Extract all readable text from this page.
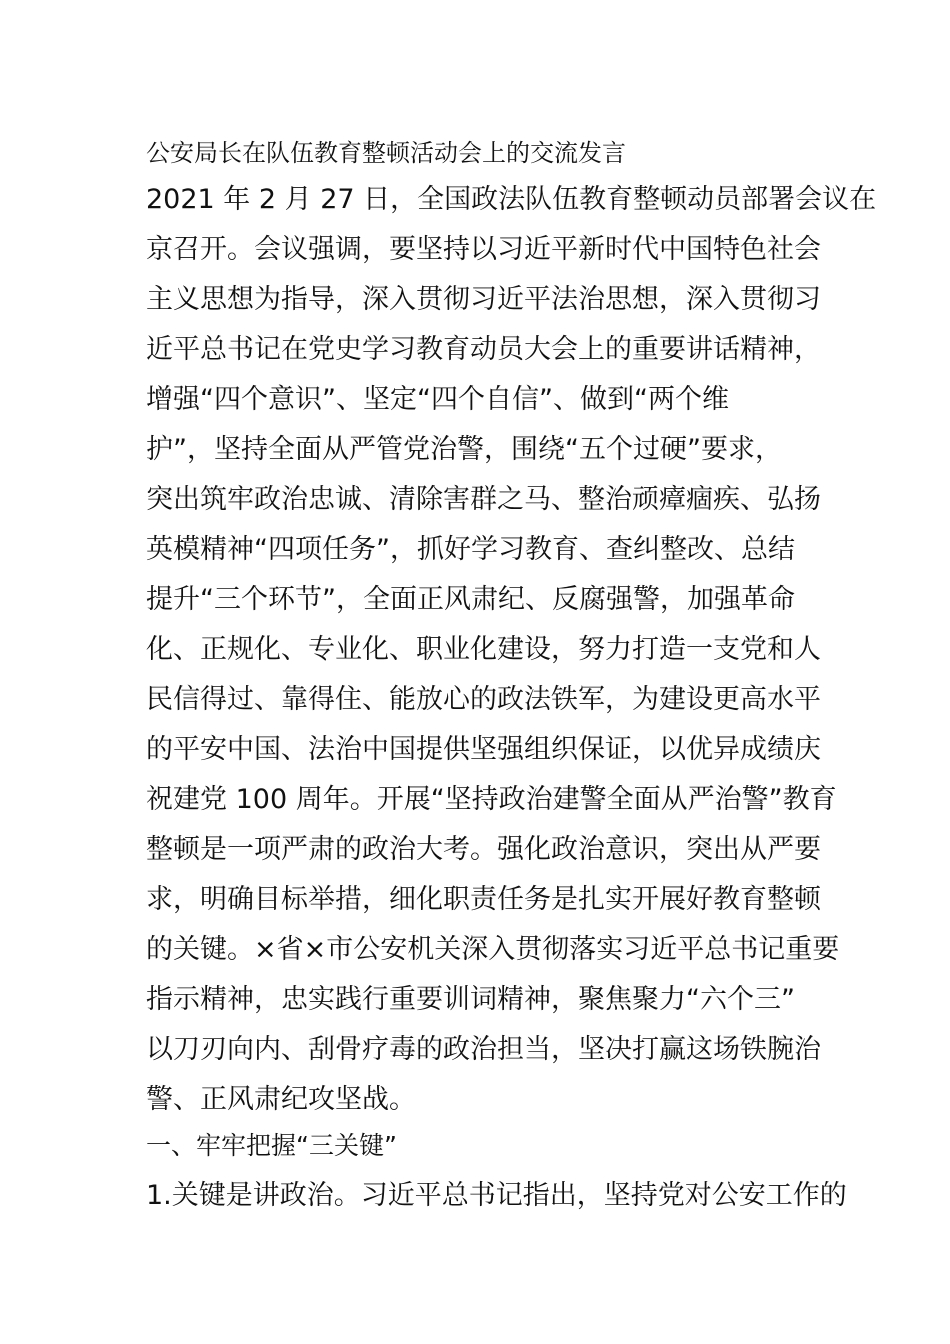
公安局长在队伍教育整顿活动会上的交流发言
2021 年 2 月 27 日，全国政法队伍教育整顿动员部署会议在
京召开。会议强调，要坚持以习近平新时代中国特色社会
主义思想为指导，深入贯彻习近平法治思想，深入贯彻习
近平总书记在党史学习教育动员大会上的重要讲话精神，
增强“四个意识”、坚定“四个自信”、做到“两个维
护”，坚持全面从严管党治警，围绕“五个过硬”要求，
突出筑牢政治忠诚、清除害群之马、整治顽瘴痼疾、弘扬
英模精神“四项任务”，抓好学习教育、查纠整改、总结
提升“三个环节”，全面正风肃纪、反腐强警，加强革命
化、正规化、专业化、职业化建设，努力打造一支党和人
民信得过、靠得住、能放心的政法铁军，为建设更高水平
的平安中国、法治中国提供坚强组织保证，以优异成绩庆
祝建党 100 周年。开展“坚持政治建警全面从严治警”教育
整顿是一项严肃的政治大考。强化政治意识，突出从严要
求，明确目标举措，细化职责任务是扎实开展好教育整顿
的关键。×省×市公安机关深入贯彻落实习近平总书记重要
指示精神，忠实践行重要训词精神，聚焦聚力“六个三”
以刀刃向内、刮骨疗毒的政治担当，坚决打赢这场铁腕治
警、正风肃纪攻坚战。
一、牢牢把握“三关键”
1.关键是讲政治。习近平总书记指出，坚持党对公安工作的
